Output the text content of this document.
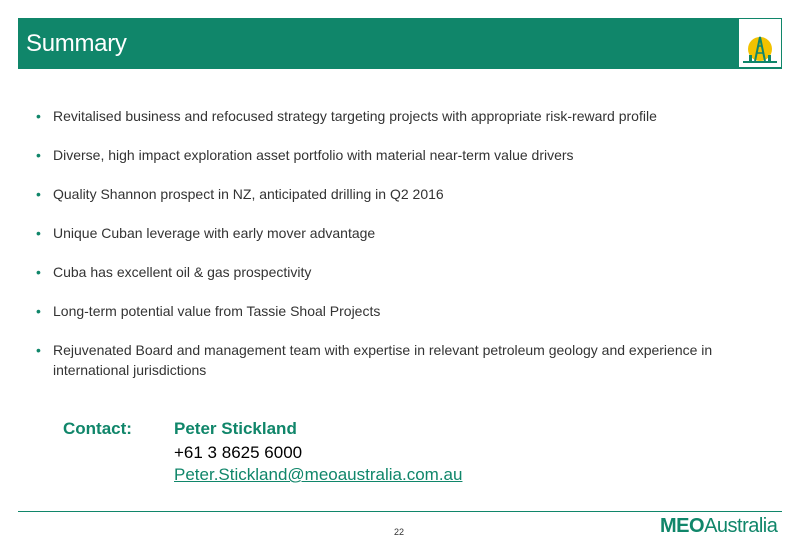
Summary
• Revitalised business and refocused strategy targeting projects with appropriate risk-reward profile
• Diverse, high impact exploration asset portfolio with material near-term value drivers
• Quality Shannon prospect in NZ, anticipated drilling in Q2 2016
• Unique Cuban leverage with early mover advantage
• Cuba has excellent oil & gas prospectivity
• Long-term potential value from Tassie Shoal Projects
• Rejuvenated Board and management team with expertise in relevant petroleum geology and experience in international jurisdictions
Contact: Peter Stickland
+61 3 8625 6000
Peter.Stickland@meoaustralia.com.au
22	MEOAustralia
